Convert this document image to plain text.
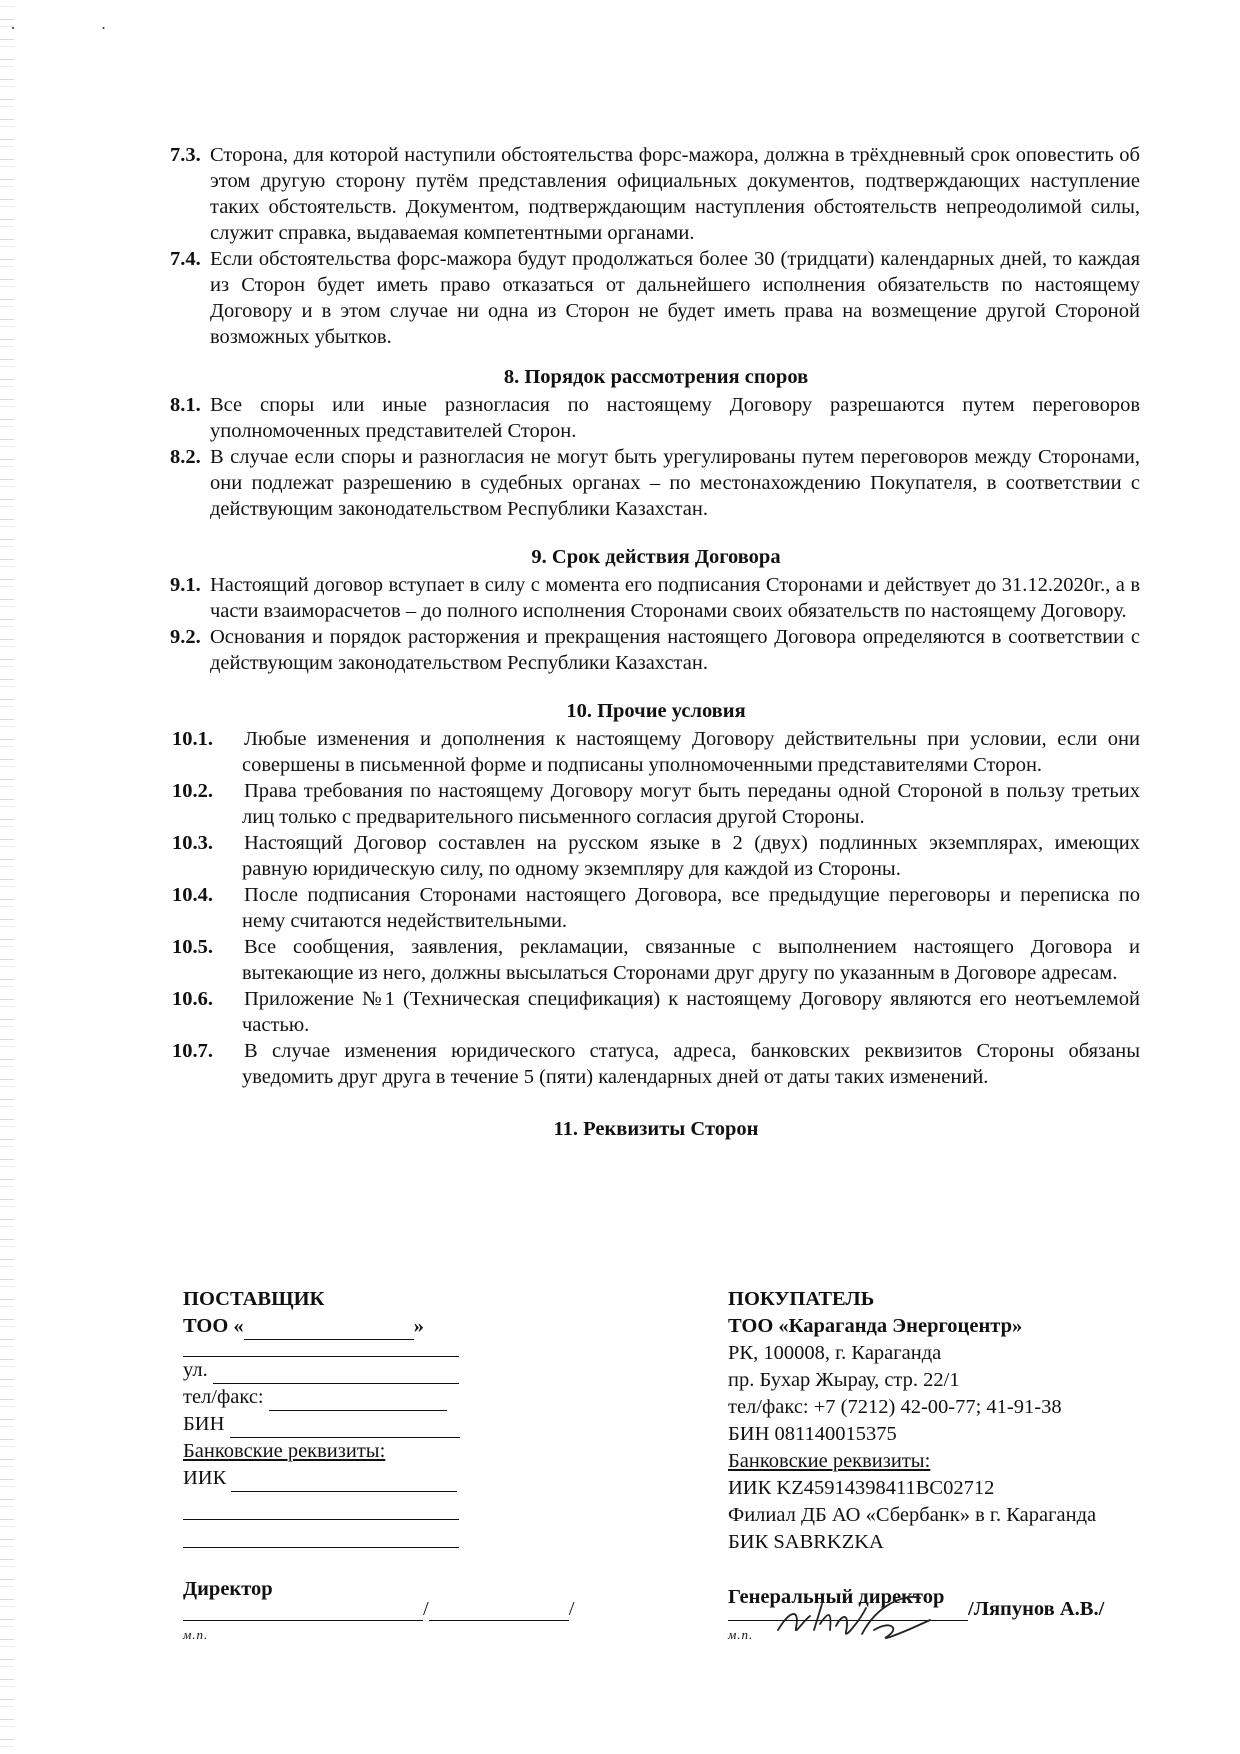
· ·
7.3. Сторона, для которой наступили обстоятельства форс-мажора, должна в трёхдневный срок оповестить об этом другую сторону путём представления официальных документов, подтверждающих наступление таких обстоятельств. Документом, подтверждающим наступления обстоятельств непреодолимой силы, служит справка, выдаваемая компетентными органами.
7.4. Если обстоятельства форс-мажора будут продолжаться более 30 (тридцати) календарных дней, то каждая из Сторон будет иметь право отказаться от дальнейшего исполнения обязательств по настоящему Договору и в этом случае ни одна из Сторон не будет иметь права на возмещение другой Стороной возможных убытков.
8. Порядок рассмотрения споров
8.1. Все споры или иные разногласия по настоящему Договору разрешаются путем переговоров уполномоченных представителей Сторон.
8.2. В случае если споры и разногласия не могут быть урегулированы путем переговоров между Сторонами, они подлежат разрешению в судебных органах – по местонахождению Покупателя, в соответствии с действующим законодательством Республики Казахстан.
9. Срок действия Договора
9.1. Настоящий договор вступает в силу с момента его подписания Сторонами и действует до 31.12.2020г., а в части взаиморасчетов – до полного исполнения Сторонами своих обязательств по настоящему Договору.
9.2. Основания и порядок расторжения и прекращения настоящего Договора определяются в соответствии с действующим законодательством Республики Казахстан.
10. Прочие условия
10.1.	Любые изменения и дополнения к настоящему Договору действительны при условии, если они совершены в письменной форме и подписаны уполномоченными представителями Сторон.
10.2.	Права требования по настоящему Договору могут быть переданы одной Стороной в пользу третьих лиц только с предварительного письменного согласия другой Стороны.
10.3.	Настоящий Договор составлен на русском языке в 2 (двух) подлинных экземплярах, имеющих равную юридическую силу, по одному экземпляру для каждой из Стороны.
10.4.	После подписания Сторонами настоящего Договора, все предыдущие переговоры и переписка по нему считаются недействительными.
10.5.	Все сообщения, заявления, рекламации, связанные с выполнением настоящего Договора и вытекающие из него, должны высылаться Сторонами друг другу по указанным в Договоре адресам.
10.6.	Приложение №1 (Техническая спецификация) к настоящему Договору являются его неотъемлемой частью.
10.7.	В случае изменения юридического статуса, адреса, банковских реквизитов Стороны обязаны уведомить друг друга в течение 5 (пяти) календарных дней от даты таких изменений.
11. Реквизиты Сторон
ПОСТАВЩИК
ТОО «	»
ул.
тел/факс:
БИН
Банковские реквизиты:
ИИК
Директор
ПОКУПАТЕЛЬ
ТОО «Караганда Энергоцентр»
РК, 100008, г. Караганда
пр. Бухар Жырау, стр. 22/1
тел/факс: +7 (7212) 42-00-77; 41-91-38
БИН 081140015375
Банковские реквизиты:
ИИК KZ45914398411BC02712
Филиал ДБ АО «Сбербанк» в г. Караганда
БИК SABRKZKA
Генеральный директор
/	/
м.п.
/Ляпунов А.В./
м.п.
